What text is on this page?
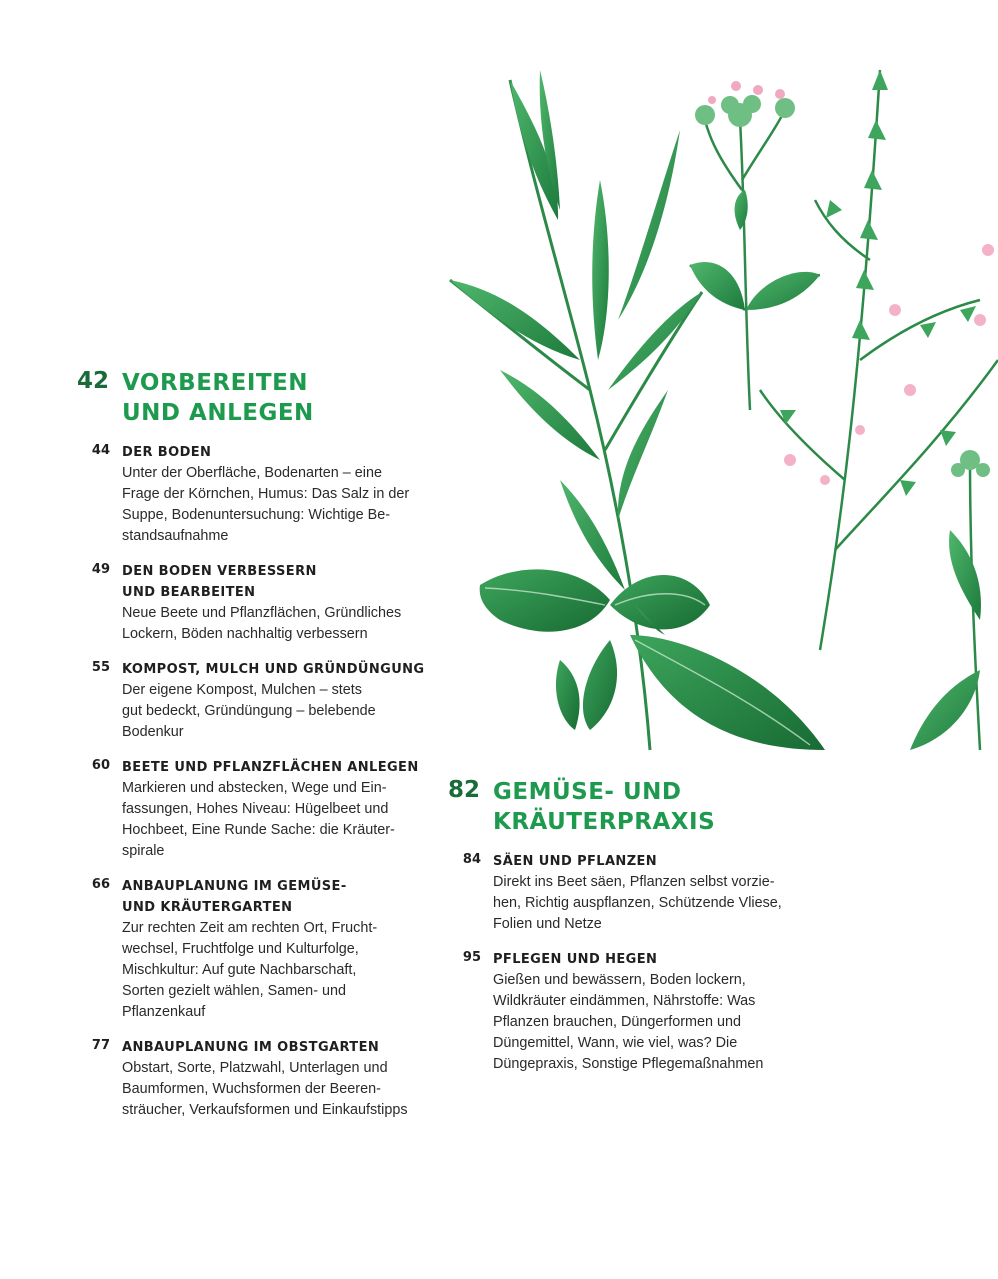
42 VORBEREITEN
UND ANLEGEN
44 DER BODEN
Unter der Oberfläche, Bodenarten – eine
Frage der Körnchen, Humus: Das Salz in der
Suppe, Bodenuntersuchung: Wichtige Be-
standsaufnahme
49 DEN BODEN VERBESSERN
UND BEARBEITEN
Neue Beete und Pflanzflächen, Gründliches
Lockern, Böden nachhaltig verbessern
55 KOMPOST, MULCH UND GRÜNDÜNGUNG
Der eigene Kompost, Mulchen – stets
gut bedeckt, Gründüngung – belebende
Bodenkur
60 BEETE UND PFLANZFLÄCHEN ANLEGEN
Markieren und abstecken, Wege und Ein-
fassungen, Hohes Niveau: Hügelbeet und
Hochbeet, Eine Runde Sache: die Kräuter-
spirale
66 ANBAUPLANUNG IM GEMÜSE-
UND KRÄUTERGARTEN
Zur rechten Zeit am rechten Ort, Frucht-
wechsel, Fruchtfolge und Kulturfolge,
Mischkultur: Auf gute Nachbarschaft,
Sorten gezielt wählen, Samen- und
Pflanzenkauf
77 ANBAUPLANUNG IM OBSTGARTEN
Obstart, Sorte, Platzwahl, Unterlagen und
Baumformen, Wuchsformen der Beeren-
sträucher, Verkaufsformen und Einkaufstipps
82 GEMÜSE- UND
KRÄUTERPRAXIS
84 SÄEN UND PFLANZEN
Direkt ins Beet säen, Pflanzen selbst vorzie-
hen, Richtig auspflanzen, Schützende Vliese,
Folien und Netze
95 PFLEGEN UND HEGEN
Gießen und bewässern, Boden lockern,
Wildkräuter eindämmen, Nährstoffe: Was
Pflanzen brauchen, Düngerformen und
Düngemittel, Wann, wie viel, was? Die
Düngepraxis, Sonstige Pflegemaßnahmen
